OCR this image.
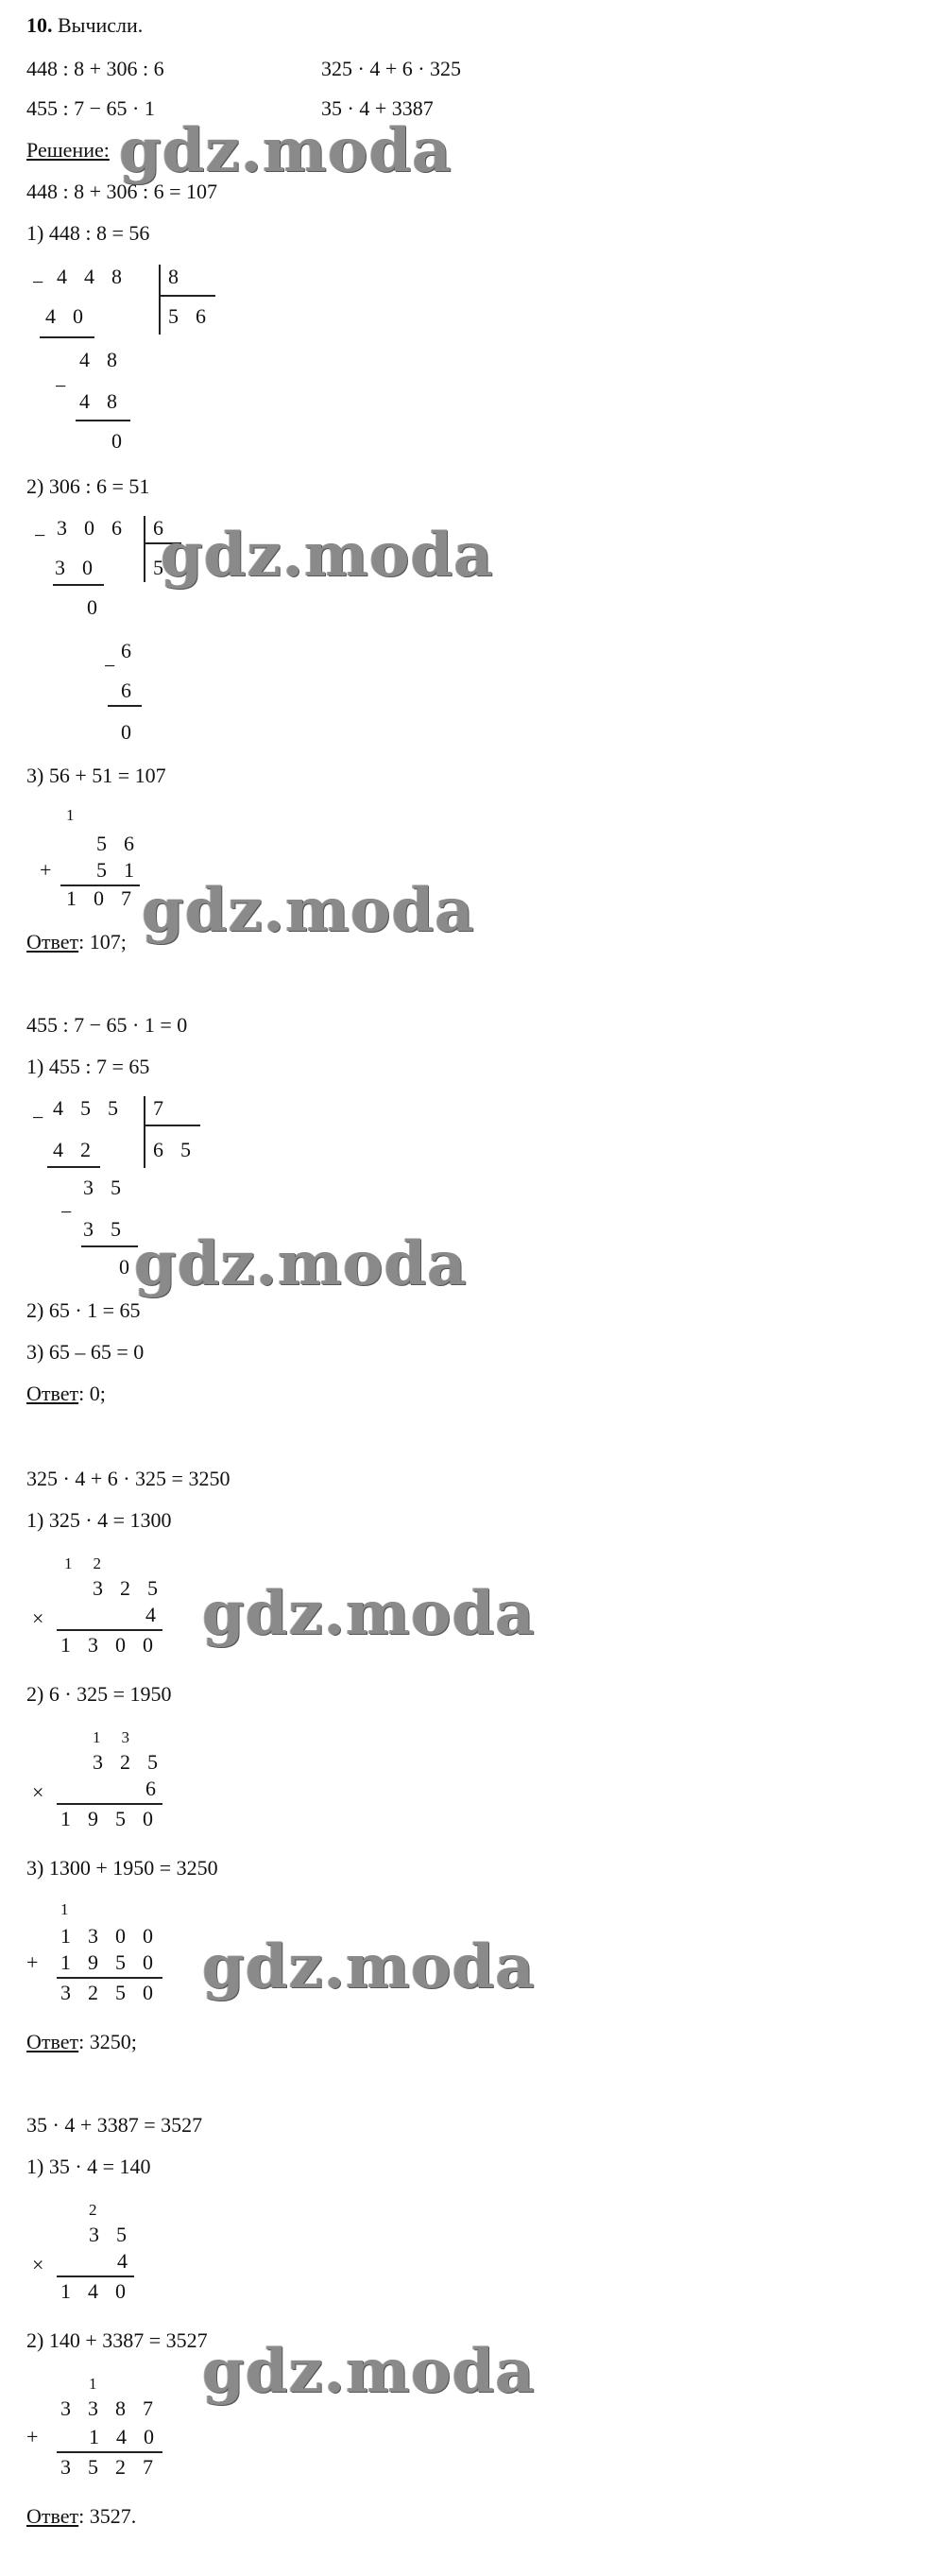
10. Вычисли.
448 : 8 + 306 : 6	325 · 4 + 6 · 325
455 : 7 − 65 · 1	35 · 4 + 3387
Решение: gdz.moda
448 : 8 + 306 : 6 = 107
1) 448 : 8 = 56
− 448 8
56
40
−
48
48
0
2) 306 : 6 = 51
− 306 6
5
30
0
−
6
6
0
gdz.moda
3) 56 + 51 = 107
1
56
+ 51
107
gdz.moda
Ответ: 107;
455 : 7 − 65 · 1 = 0
1) 455 : 7 = 65
− 455 7
65
42
−
35
35
0 gdz.moda
2) 65 · 1 = 65
3) 65 – 65 = 0
Ответ: 0;
325 · 4 + 6 · 325 = 3250
1) 325 · 4 = 1300
12
325
×	4
1300 gdz.moda
2) 6 · 325 = 1950
13
325
×	6
1950
3) 1300 + 1950 = 3250
1
1300
+ 1950
3250 gdz.moda
Ответ: 3250;
35 · 4 + 3387 = 3527
1) 35 · 4 = 140
2
35
×	4
140
2) 140 + 3387 = 3527
1
3387
+ 140
3527
gdz.moda
Ответ: 3527.
